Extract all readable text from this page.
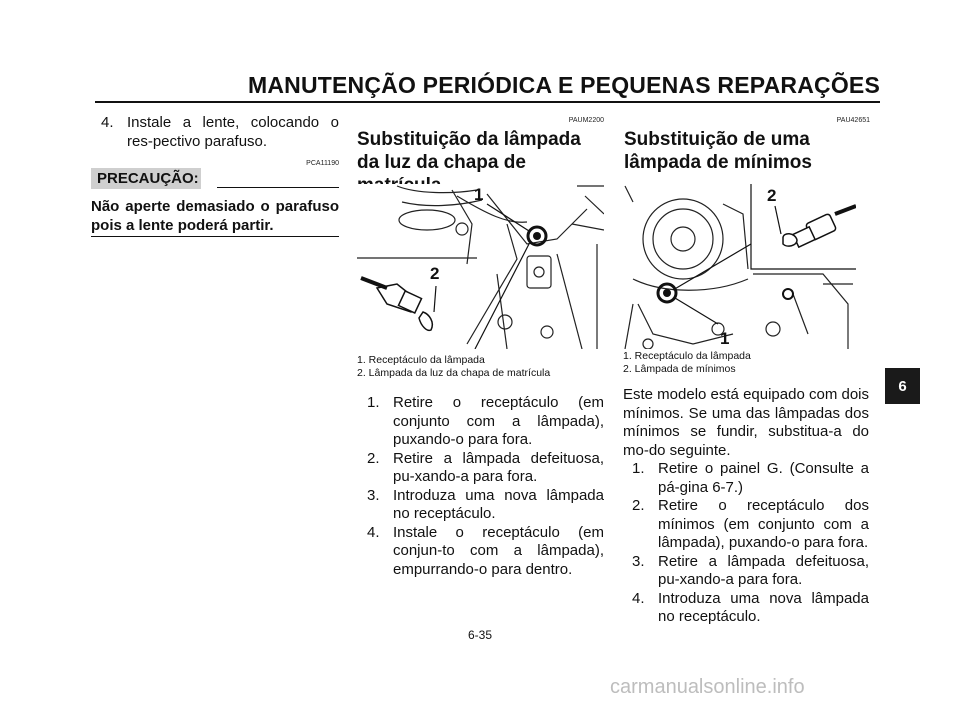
MANUTENÇÃO PERIÓDICA E PEQUENAS REPARAÇÕES
4. Instale a lente, colocando o res-pectivo parafuso.
PCA11190
PRECAUÇÃO:
Não aperte demasiado o parafuso pois a lente poderá partir.
PAUM2200
Substituição da lâmpada da luz da chapa de
1
2
1. Receptáculo da lâmpada
2. Lâmpada da luz da chapa de matrícula
1. Retire o receptáculo (em conjunto com a lâmpada), puxando-o para fora.
2. Retire a lâmpada defeituosa, pu-xando-a para fora.
3. Introduza uma nova lâmpada no receptáculo.
4. Instale o receptáculo (em conjun-to com a lâmpada), empurrando-o para dentro.
PAU42651
Substituição de uma lâmpada de mínimos
2
1
1. Receptáculo da lâmpada
2. Lâmpada de mínimos
Este modelo está equipado com dois mínimos. Se uma das lâmpadas dos mínimos se fundir, substitua-a do mo-do seguinte.
1. Retire o painel G. (Consulte a pá-gina 6-7.)
2. Retire o receptáculo dos mínimos (em conjunto com a lâmpada), puxando-o para fora.
3. Retire a lâmpada defeituosa, pu-xando-a para fora.
4. Introduza uma nova lâmpada no receptáculo.
6
6-35
carmanualsonline.info
